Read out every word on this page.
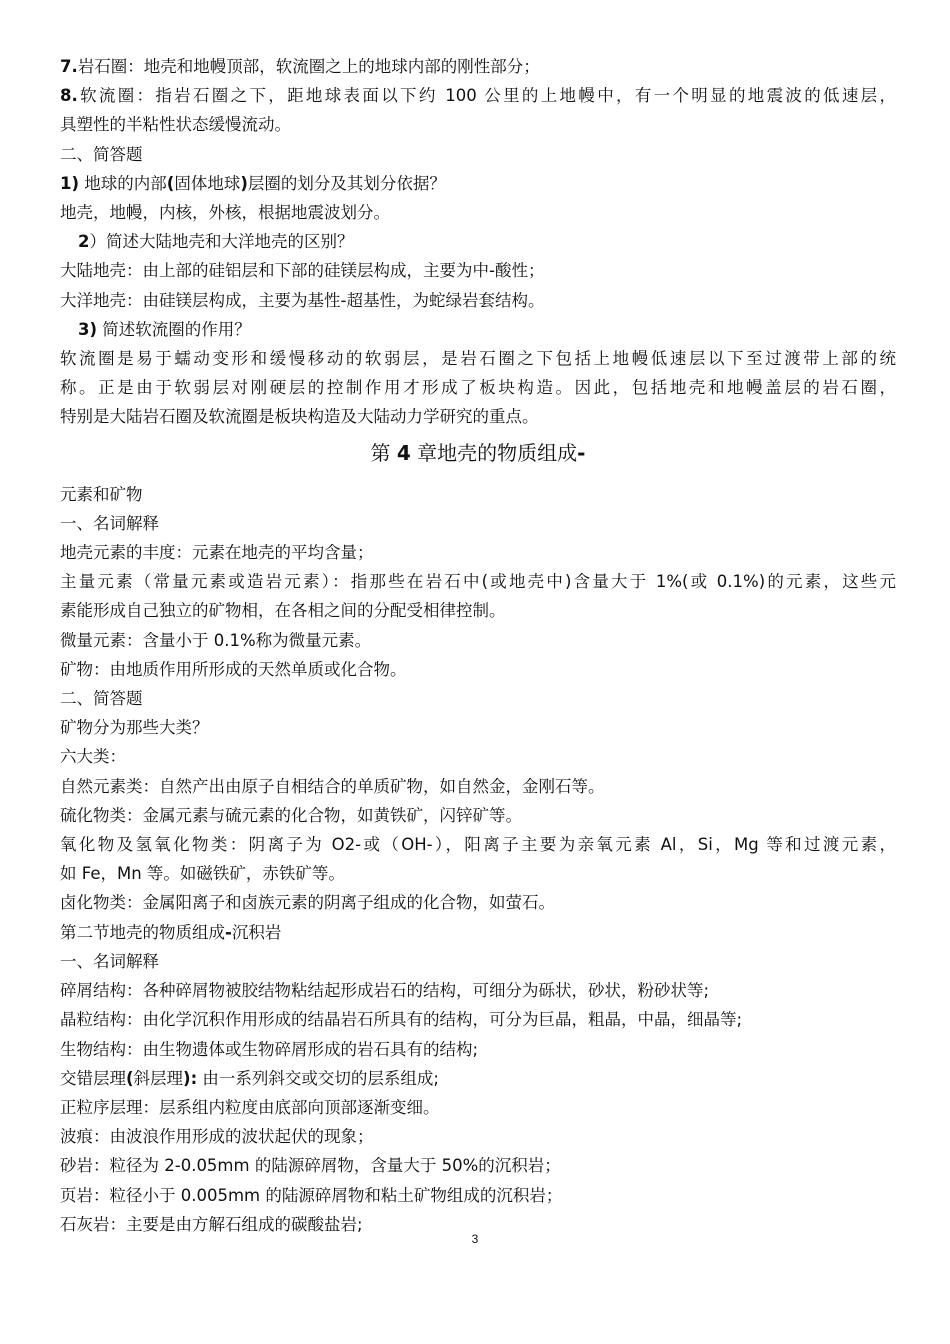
7.岩石圈：地壳和地幔顶部，软流圈之上的地球内部的刚性部分；
8.软流圈：指岩石圈之下，距地球表面以下约 100 公里的上地幔中，有一个明显的地震波的低速层，
具塑性的半粘性状态缓慢流动。
二、简答题
1) 地球的内部(固体地球)层圈的划分及其划分依据？
地壳，地幔，内核，外核，根据地震波划分。
2）简述大陆地壳和大洋地壳的区别？
大陆地壳：由上部的硅铝层和下部的硅镁层构成，主要为中-酸性；
大洋地壳：由硅镁层构成，主要为基性-超基性，为蛇绿岩套结构。
3) 简述软流圈的作用？
软流圈是易于蠕动变形和缓慢移动的软弱层，是岩石圈之下包括上地幔低速层以下至过渡带上部的统
称。正是由于软弱层对刚硬层的控制作用才形成了板块构造。因此，包括地壳和地幔盖层的岩石圈，
特别是大陆岩石圈及软流圈是板块构造及大陆动力学研究的重点。
第 4 章地壳的物质组成-
元素和矿物
一、名词解释
地壳元素的丰度：元素在地壳的平均含量；
主量元素（常量元素或造岩元素）：指那些在岩石中(或地壳中)含量大于 1%(或 0.1%)的元素，这些元
素能形成自己独立的矿物相，在各相之间的分配受相律控制。
微量元素：含量小于 0.1%称为微量元素。
矿物：由地质作用所形成的天然单质或化合物。
二、简答题
矿物分为那些大类？
六大类：
自然元素类：自然产出由原子自相结合的单质矿物，如自然金，金刚石等。
硫化物类：金属元素与硫元素的化合物，如黄铁矿，闪锌矿等。
氧化物及氢氧化物类：阴离子为 O2-或（OH-），阳离子主要为亲氧元素 Al，Si，Mg 等和过渡元素，
如 Fe，Mn 等。如磁铁矿，赤铁矿等。
卤化物类：金属阳离子和卤族元素的阴离子组成的化合物，如萤石。
第二节地壳的物质组成-沉积岩
一、名词解释
碎屑结构：各种碎屑物被胶结物粘结起形成岩石的结构，可细分为砾状，砂状，粉砂状等;
晶粒结构：由化学沉积作用形成的结晶岩石所具有的结构，可分为巨晶，粗晶，中晶，细晶等;
生物结构：由生物遗体或生物碎屑形成的岩石具有的结构;
交错层理(斜层理): 由一系列斜交或交切的层系组成;
正粒序层理：层系组内粒度由底部向顶部逐渐变细。
波痕：由波浪作用形成的波状起伏的现象；
砂岩：粒径为 2-0.05mm 的陆源碎屑物，含量大于 50%的沉积岩；
页岩：粒径小于 0.005mm 的陆源碎屑物和粘土矿物组成的沉积岩；
石灰岩：主要是由方解石组成的碳酸盐岩;
3
